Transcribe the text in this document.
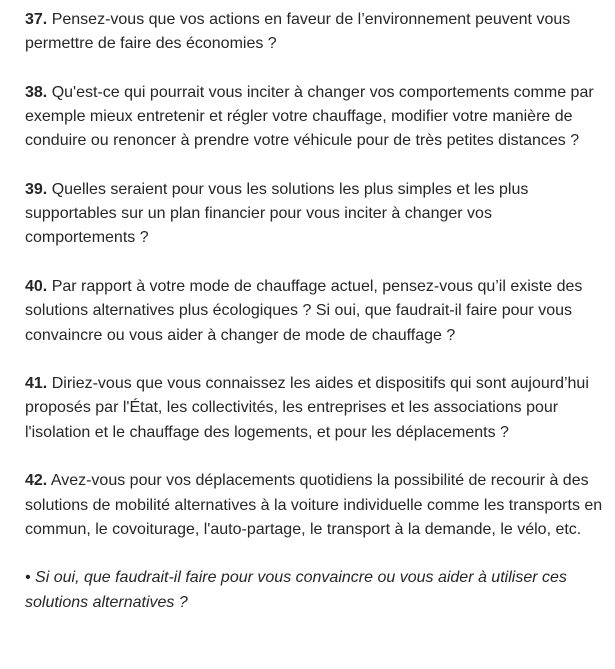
37. Pensez-vous que vos actions en faveur de l’environnement peuvent vous permettre de faire des économies ?

38. Qu'est-ce qui pourrait vous inciter à changer vos comportements comme par exemple mieux entretenir et régler votre chauffage, modifier votre manière de conduire ou renoncer à prendre votre véhicule pour de très petites distances ?

39. Quelles seraient pour vous les solutions les plus simples et les plus supportables sur un plan financier pour vous inciter à changer vos comportements ?

40. Par rapport à votre mode de chauffage actuel, pensez-vous qu’il existe des solutions alternatives plus écologiques ? Si oui, que faudrait-il faire pour vous convaincre ou vous aider à changer de mode de chauffage ?

41. Diriez-vous que vous connaissez les aides et dispositifs qui sont aujourd’hui proposés par l'État, les collectivités, les entreprises et les associations pour l'isolation et le chauffage des logements, et pour les déplacements ?

42. Avez-vous pour vos déplacements quotidiens la possibilité de recourir à des solutions de mobilité alternatives à la voiture individuelle comme les transports en commun, le covoiturage, l'auto-partage, le transport à la demande, le vélo, etc.

• Si oui, que faudrait-il faire pour vous convaincre ou vous aider à utiliser ces solutions alternatives ?
